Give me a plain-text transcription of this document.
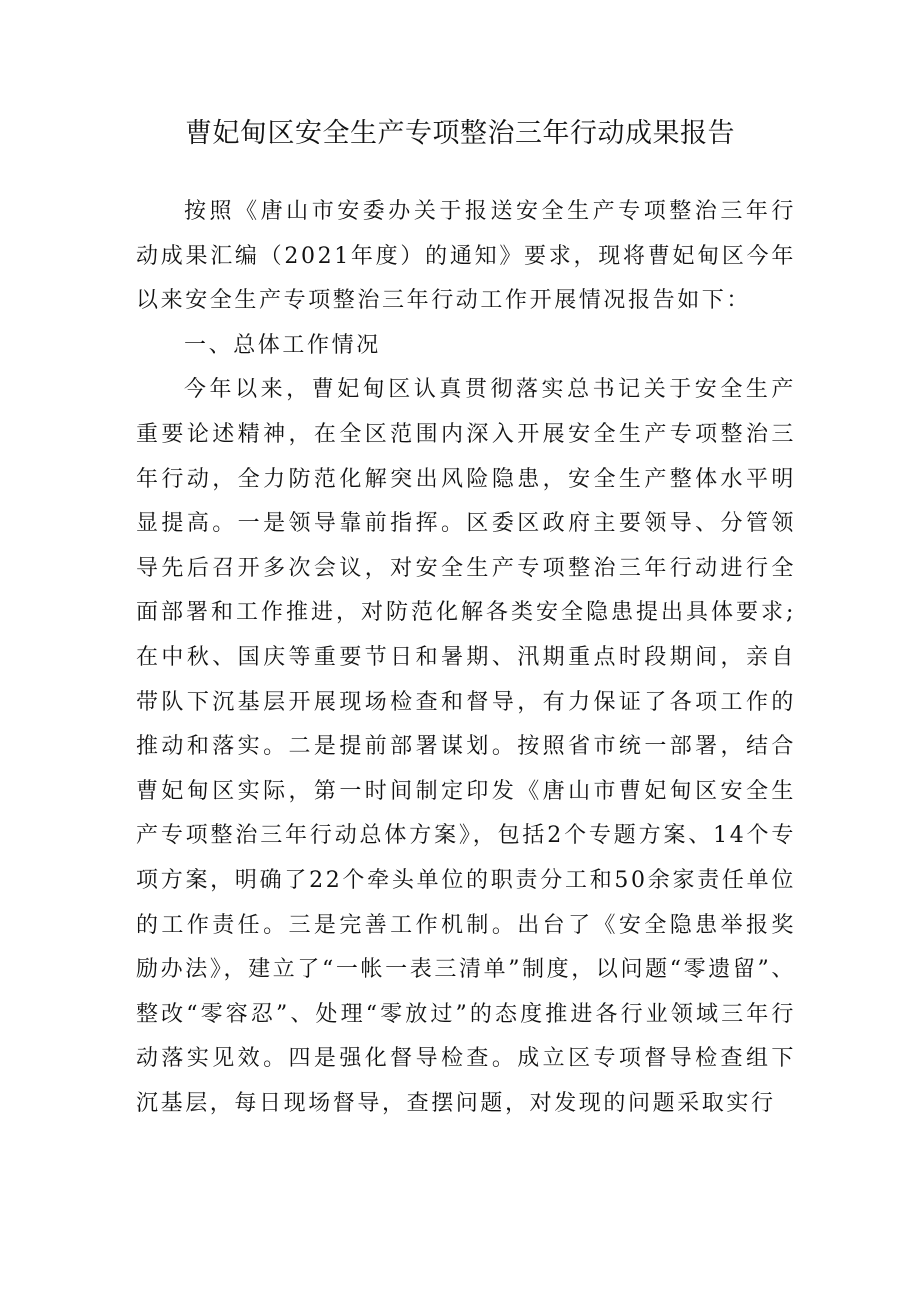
曹妃甸区安全生产专项整治三年行动成果报告

按照《唐山市安委办关于报送安全生产专项整治三年行动成果汇编（2021年度）的通知》要求，现将曹妃甸区今年以来安全生产专项整治三年行动工作开展情况报告如下：

一、总体工作情况

今年以来，曹妃甸区认真贯彻落实总书记关于安全生产重要论述精神，在全区范围内深入开展安全生产专项整治三年行动，全力防范化解突出风险隐患，安全生产整体水平明显提高。一是领导靠前指挥。区委区政府主要领导、分管领导先后召开多次会议，对安全生产专项整治三年行动进行全面部署和工作推进，对防范化解各类安全隐患提出具体要求;在中秋、国庆等重要节日和暑期、汛期重点时段期间，亲自带队下沉基层开展现场检查和督导，有力保证了各项工作的推动和落实。二是提前部署谋划。按照省市统一部署，结合曹妃甸区实际，第一时间制定印发《唐山市曹妃甸区安全生产专项整治三年行动总体方案》，包括2个专题方案、14个专项方案，明确了22个牵头单位的职责分工和50余家责任单位的工作责任。三是完善工作机制。出台了《安全隐患举报奖励办法》，建立了“一帐一表三清单”制度，以问题“零遗留”、整改“零容忍”、处理“零放过”的态度推进各行业领域三年行动落实见效。四是强化督导检查。成立区专项督导检查组下沉基层，每日现场督导，查摆问题，对发现的问题采取实行
